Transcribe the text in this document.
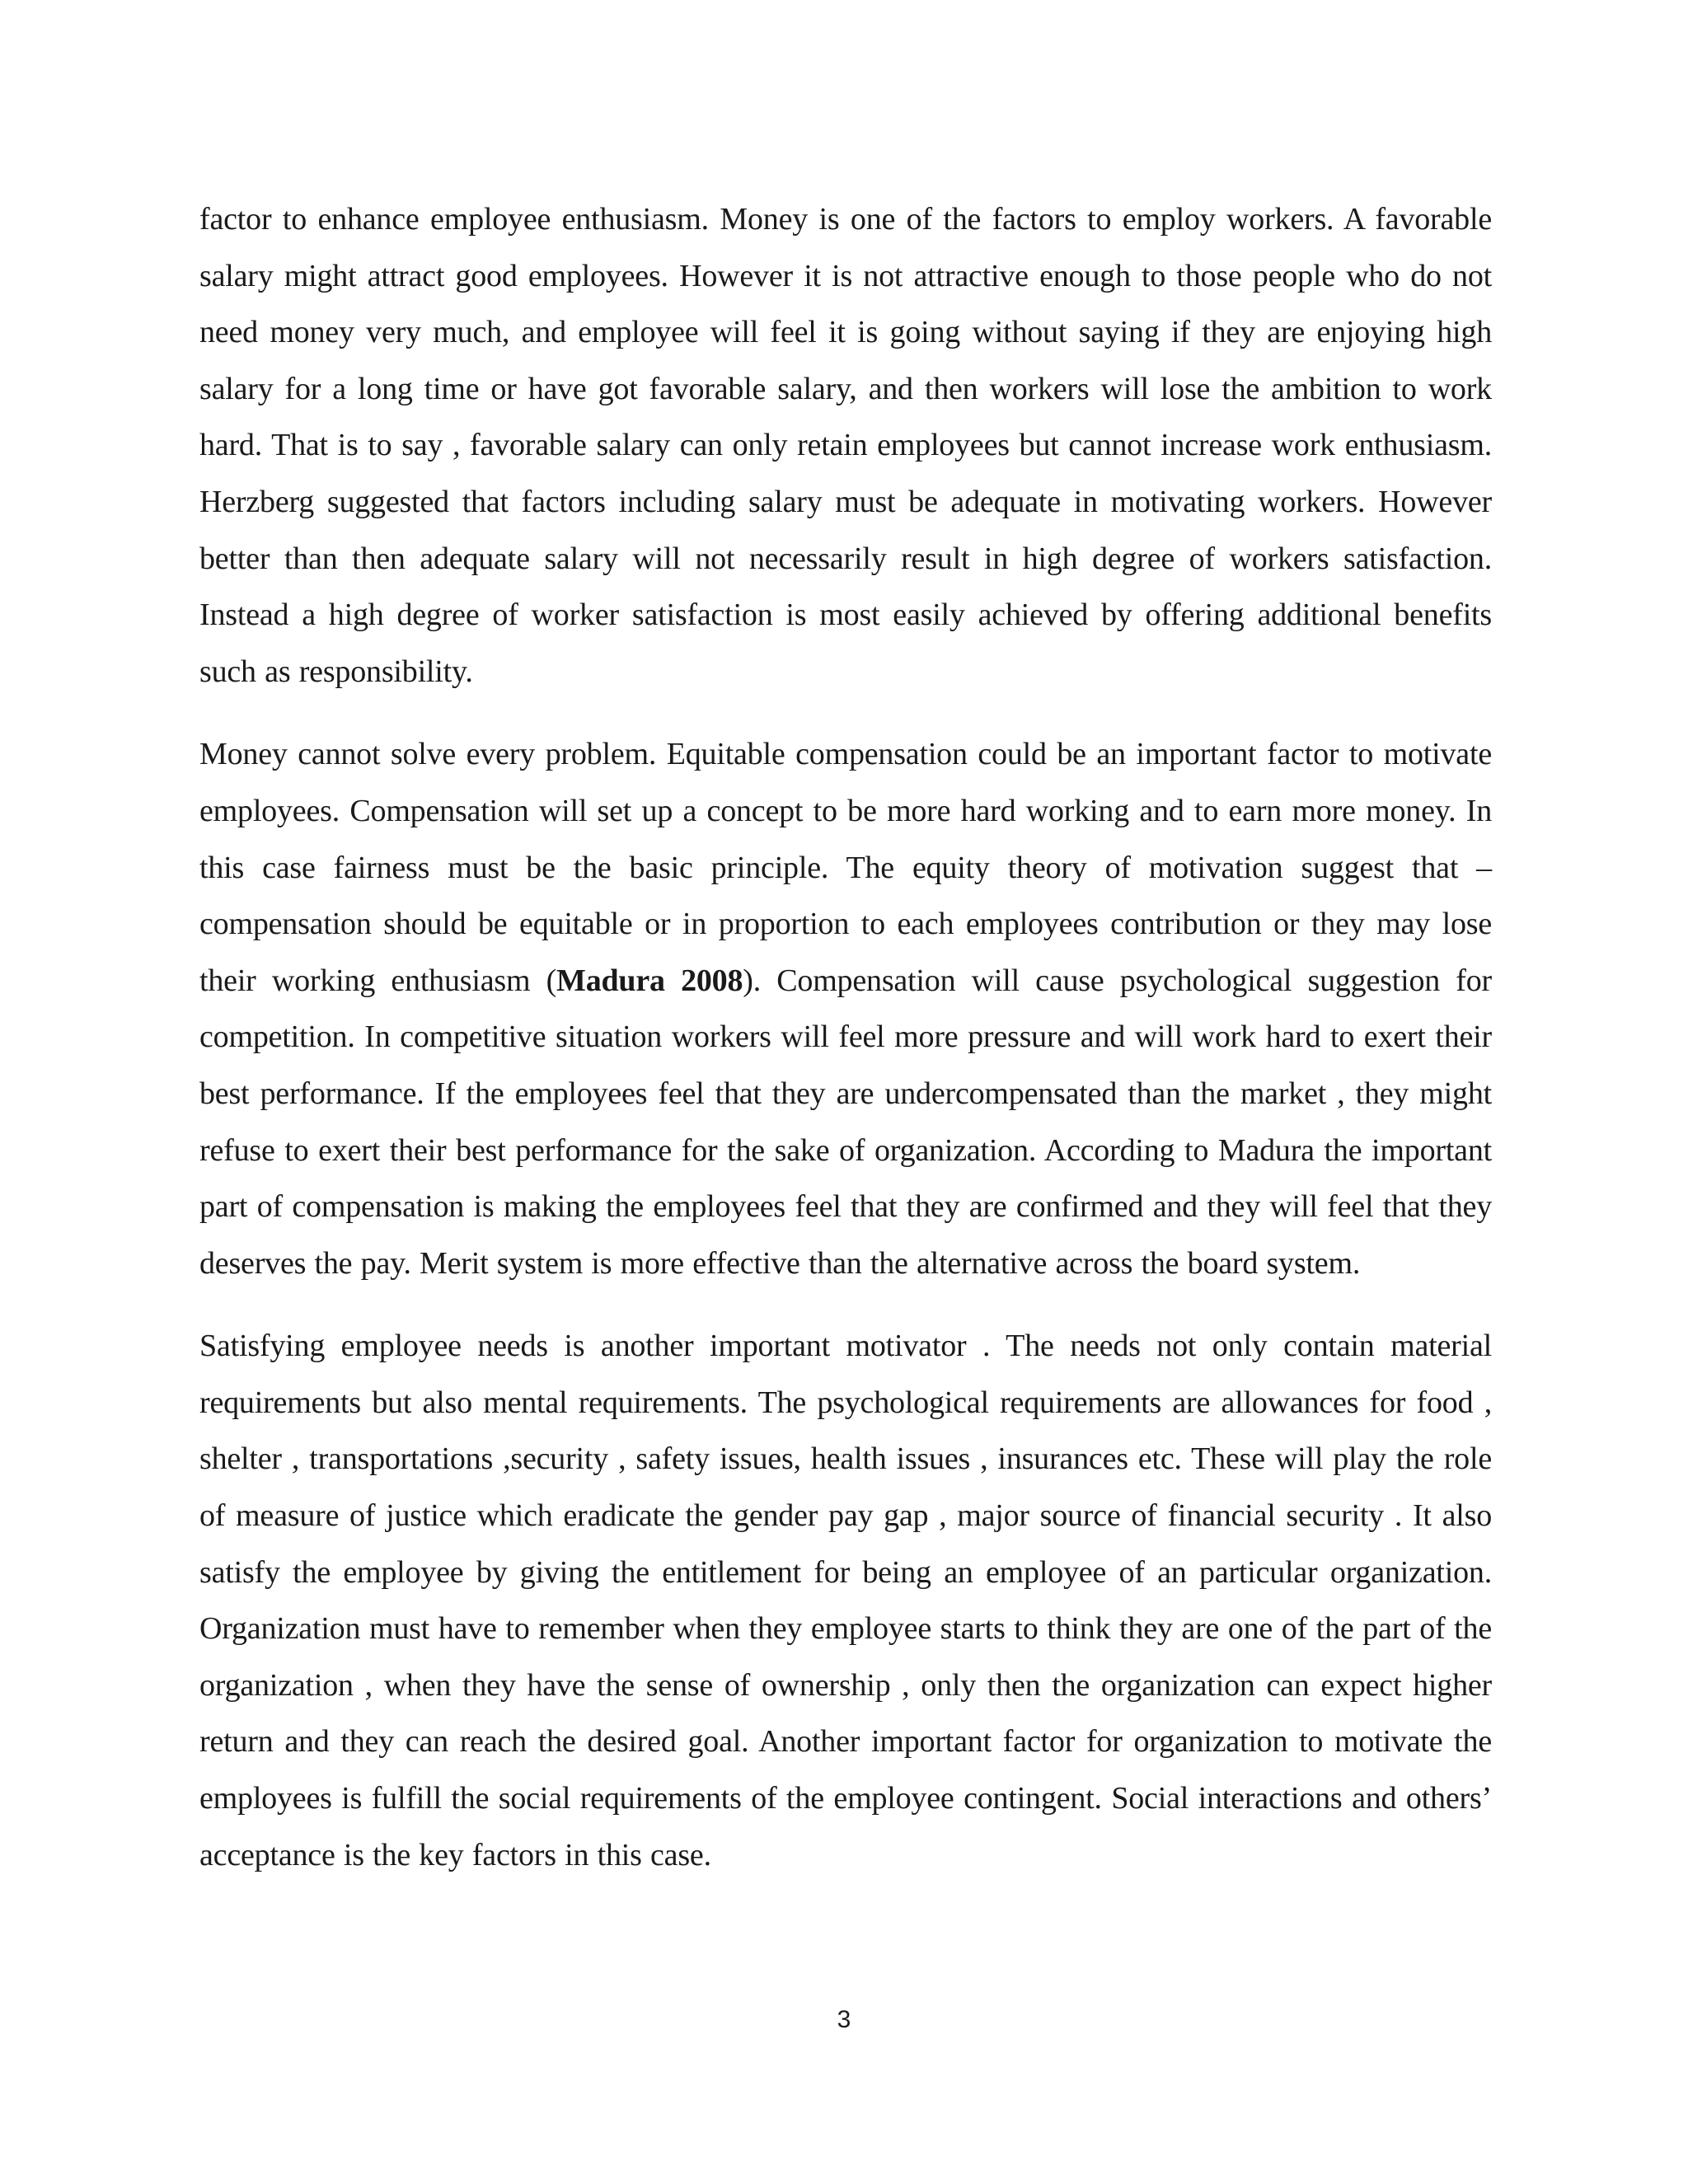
factor to enhance employee enthusiasm. Money is one of the factors to employ workers. A favorable salary might attract good employees. However it is not attractive enough to those people who do not need money very much, and employee will feel it is going without saying if they are enjoying high salary for a long time or have got favorable salary, and then workers will lose the ambition to work hard. That is to say , favorable salary can only retain employees but cannot increase work enthusiasm. Herzberg suggested that factors including salary must be adequate in motivating workers. However better than then adequate salary will not necessarily result in high degree of workers satisfaction. Instead a high degree of worker satisfaction is most easily achieved by offering additional benefits such as responsibility.

Money cannot solve every problem. Equitable compensation could be an important factor to motivate employees. Compensation will set up a concept to be more hard working and to earn more money. In this case fairness must be the basic principle. The equity theory of motivation suggest that – compensation should be equitable or in proportion to each employees contribution or they may lose their working enthusiasm (Madura 2008). Compensation will cause psychological suggestion for competition. In competitive situation workers will feel more pressure and will work hard to exert their best performance. If the employees feel that they are undercompensated than the market , they might refuse to exert their best performance for the sake of organization. According to Madura the important part of compensation is making the employees feel that they are confirmed and they will feel that they deserves the pay. Merit system is more effective than the alternative across the board system.

Satisfying employee needs is another important motivator . The needs not only contain material requirements but also mental requirements. The psychological requirements are allowances for food , shelter , transportations ,security , safety issues, health issues , insurances etc. These will play the role of measure of justice which eradicate the gender pay gap , major source of financial security . It also satisfy the employee by giving the entitlement for being an employee of an particular organization. Organization must have to remember when they employee starts to think they are one of the part of the organization , when they have the sense of ownership , only then the organization can expect higher return and they can reach the desired goal. Another important factor for organization to motivate the employees is fulfill the social requirements of the employee contingent. Social interactions and others’ acceptance is the key factors in this case.

3
